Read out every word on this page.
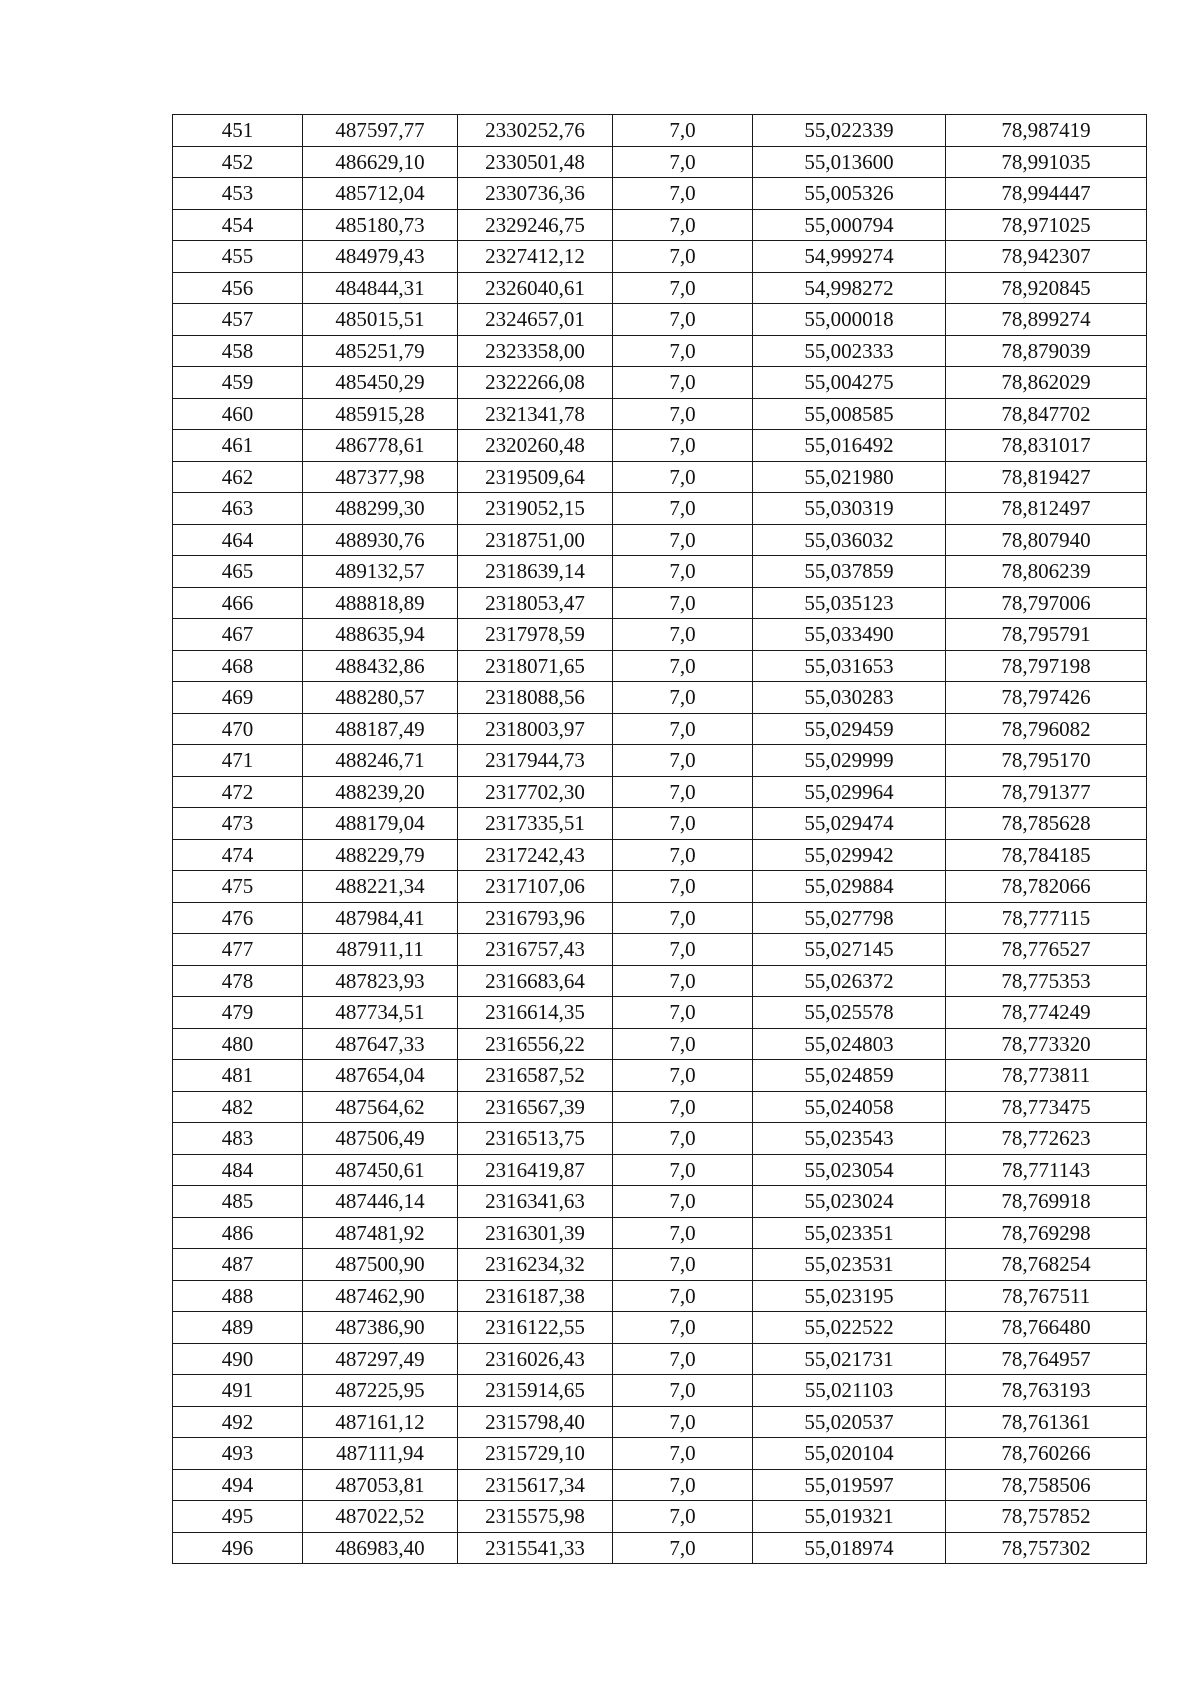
451	487597,77	2330252,76	7,0	55,022339	78,987419
452	486629,10	2330501,48	7,0	55,013600	78,991035
453	485712,04	2330736,36	7,0	55,005326	78,994447
454	485180,73	2329246,75	7,0	55,000794	78,971025
455	484979,43	2327412,12	7,0	54,999274	78,942307
456	484844,31	2326040,61	7,0	54,998272	78,920845
457	485015,51	2324657,01	7,0	55,000018	78,899274
458	485251,79	2323358,00	7,0	55,002333	78,879039
459	485450,29	2322266,08	7,0	55,004275	78,862029
460	485915,28	2321341,78	7,0	55,008585	78,847702
461	486778,61	2320260,48	7,0	55,016492	78,831017
462	487377,98	2319509,64	7,0	55,021980	78,819427
463	488299,30	2319052,15	7,0	55,030319	78,812497
464	488930,76	2318751,00	7,0	55,036032	78,807940
465	489132,57	2318639,14	7,0	55,037859	78,806239
466	488818,89	2318053,47	7,0	55,035123	78,797006
467	488635,94	2317978,59	7,0	55,033490	78,795791
468	488432,86	2318071,65	7,0	55,031653	78,797198
469	488280,57	2318088,56	7,0	55,030283	78,797426
470	488187,49	2318003,97	7,0	55,029459	78,796082
471	488246,71	2317944,73	7,0	55,029999	78,795170
472	488239,20	2317702,30	7,0	55,029964	78,791377
473	488179,04	2317335,51	7,0	55,029474	78,785628
474	488229,79	2317242,43	7,0	55,029942	78,784185
475	488221,34	2317107,06	7,0	55,029884	78,782066
476	487984,41	2316793,96	7,0	55,027798	78,777115
477	487911,11	2316757,43	7,0	55,027145	78,776527
478	487823,93	2316683,64	7,0	55,026372	78,775353
479	487734,51	2316614,35	7,0	55,025578	78,774249
480	487647,33	2316556,22	7,0	55,024803	78,773320
481	487654,04	2316587,52	7,0	55,024859	78,773811
482	487564,62	2316567,39	7,0	55,024058	78,773475
483	487506,49	2316513,75	7,0	55,023543	78,772623
484	487450,61	2316419,87	7,0	55,023054	78,771143
485	487446,14	2316341,63	7,0	55,023024	78,769918
486	487481,92	2316301,39	7,0	55,023351	78,769298
487	487500,90	2316234,32	7,0	55,023531	78,768254
488	487462,90	2316187,38	7,0	55,023195	78,767511
489	487386,90	2316122,55	7,0	55,022522	78,766480
490	487297,49	2316026,43	7,0	55,021731	78,764957
491	487225,95	2315914,65	7,0	55,021103	78,763193
492	487161,12	2315798,40	7,0	55,020537	78,761361
493	487111,94	2315729,10	7,0	55,020104	78,760266
494	487053,81	2315617,34	7,0	55,019597	78,758506
495	487022,52	2315575,98	7,0	55,019321	78,757852
496	486983,40	2315541,33	7,0	55,018974	78,757302
